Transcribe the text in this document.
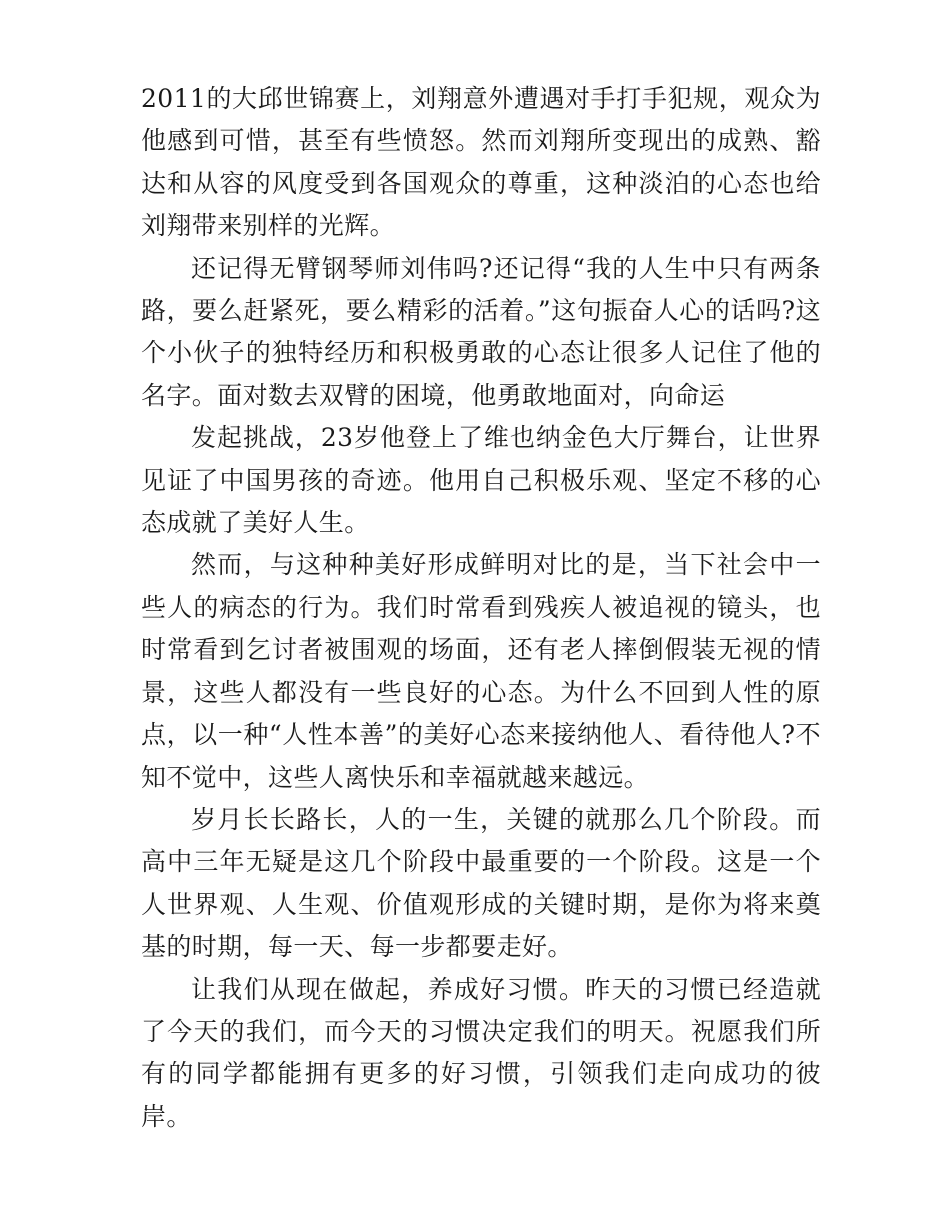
2011的大邱世锦赛上，刘翔意外遭遇对手打手犯规，观众为他感到可惜，甚至有些愤怒。然而刘翔所变现出的成熟、豁达和从容的风度受到各国观众的尊重，这种淡泊的心态也给刘翔带来别样的光辉。

还记得无臂钢琴师刘伟吗?还记得“我的人生中只有两条路，要么赶紧死，要么精彩的活着。”这句振奋人心的话吗?这个小伙子的独特经历和积极勇敢的心态让很多人记住了他的名字。面对数去双臂的困境，他勇敢地面对，向命运

发起挑战，23岁他登上了维也纳金色大厅舞台，让世界见证了中国男孩的奇迹。他用自己积极乐观、坚定不移的心态成就了美好人生。

然而，与这种种美好形成鲜明对比的是，当下社会中一些人的病态的行为。我们时常看到残疾人被追视的镜头，也时常看到乞讨者被围观的场面，还有老人摔倒假装无视的情景，这些人都没有一些良好的心态。为什么不回到人性的原点，以一种“人性本善”的美好心态来接纳他人、看待他人?不知不觉中，这些人离快乐和幸福就越来越远。

岁月长长路长，人的一生，关键的就那么几个阶段。而高中三年无疑是这几个阶段中最重要的一个阶段。这是一个人世界观、人生观、价值观形成的关键时期，是你为将来奠基的时期，每一天、每一步都要走好。

让我们从现在做起，养成好习惯。昨天的习惯已经造就了今天的我们，而今天的习惯决定我们的明天。祝愿我们所有的同学都能拥有更多的好习惯，引领我们走向成功的彼岸。
